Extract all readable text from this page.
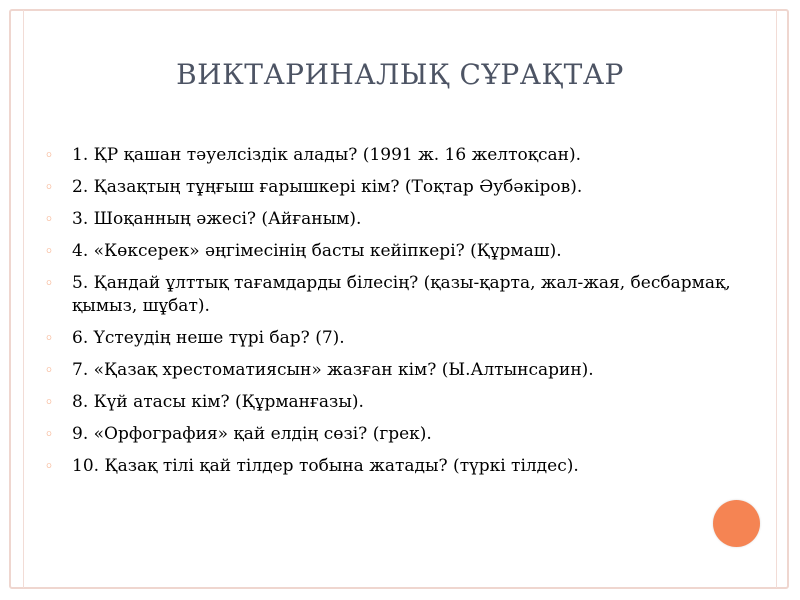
ВИКТАРИНАЛЫҚ СҰРАҚТАР
￮ 1. ҚР қашан тәуелсіздік алады? (1991 ж. 16 желтоқсан).
￮ 2. Қазақтың тұңғыш ғарышкері кім? (Тоқтар Әубәкіров).
￮ 3. Шоқанның әжесі? (Айғаным).
￮ 4. «Көксерек» әңгімесінің басты кейіпкері? (Құрмаш).
￮ 5. Қандай ұлттық тағамдарды білесің? (қазы-қарта, жал-жая, бесбармақ, қымыз, шұбат).
￮ 6. Үстеудің неше түрі бар? (7).
￮ 7. «Қазақ хрестоматиясын» жазған кім? (Ы.Алтынсарин).
￮ 8. Күй атасы кім? (Құрманғазы).
￮ 9. «Орфография» қай елдің сөзі? (грек).
￮ 10. Қазақ тілі қай тілдер тобына жатады? (түркі тілдес).
